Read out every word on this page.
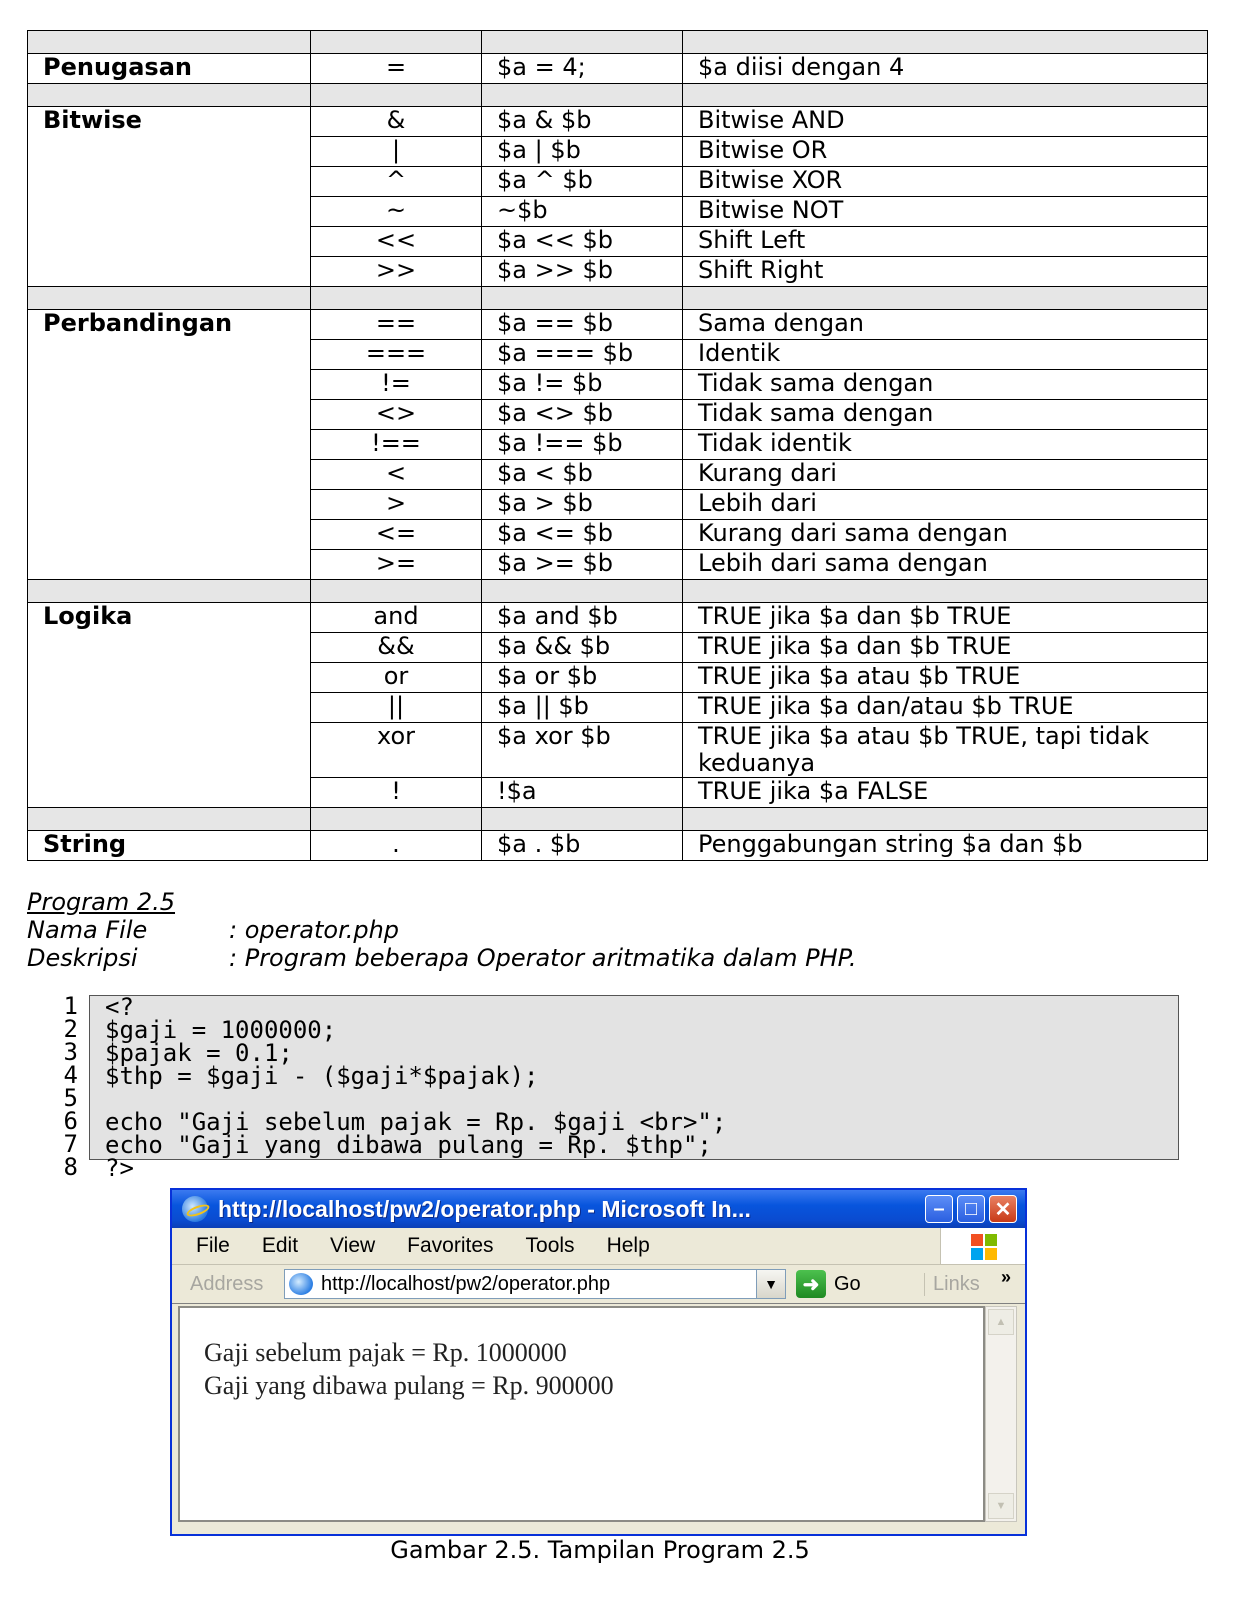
Penugasan	=	$a = 4;	$a diisi dengan 4

Bitwise	&	$a & $b	Bitwise AND
	|	$a | $b	Bitwise OR
	^	$a ^ $b	Bitwise XOR
	~	~$b	Bitwise NOT
	<<	$a << $b	Shift Left
	>>	$a >> $b	Shift Right

Perbandingan	==	$a == $b	Sama dengan
	===	$a === $b	Identik
	!=	$a != $b	Tidak sama dengan
	<>	$a <> $b	Tidak sama dengan
	!==	$a !== $b	Tidak identik
	<	$a < $b	Kurang dari
	>	$a > $b	Lebih dari
	<=	$a <= $b	Kurang dari sama dengan
	>=	$a >= $b	Lebih dari sama dengan

Logika	and	$a and $b	TRUE jika $a dan $b TRUE
	&&	$a && $b	TRUE jika $a dan $b TRUE
	or	$a or $b	TRUE jika $a atau $b TRUE
	||	$a || $b	TRUE jika $a dan/atau $b TRUE
	xor	$a xor $b	TRUE jika $a atau $b TRUE, tapi tidak keduanya
	!	!$a	TRUE jika $a FALSE

String	.	$a . $b	Penggabungan string $a dan $b
Program 2.5
Nama File	: operator.php
Deskripsi	: Program beberapa Operator aritmatika dalam PHP.
1
2
3
4
5
6
7
8
<?
$gaji = 1000000;
$pajak = 0.1;
$thp = $gaji - ($gaji*$pajak);
echo "Gaji sebelum pajak = Rp. $gaji <br>";
echo "Gaji yang dibawa pulang = Rp. $thp";
?>
http://localhost/pw2/operator.php - Microsoft In...	–	□ ✕
File Edit View Favorites Tools Help
Address	http://localhost/pw2/operator.php	▼	➜ Go	Links »
Gaji sebelum pajak = Rp. 1000000
Gaji yang dibawa pulang = Rp. 900000
▲
▼
Gambar 2.5. Tampilan Program 2.5
